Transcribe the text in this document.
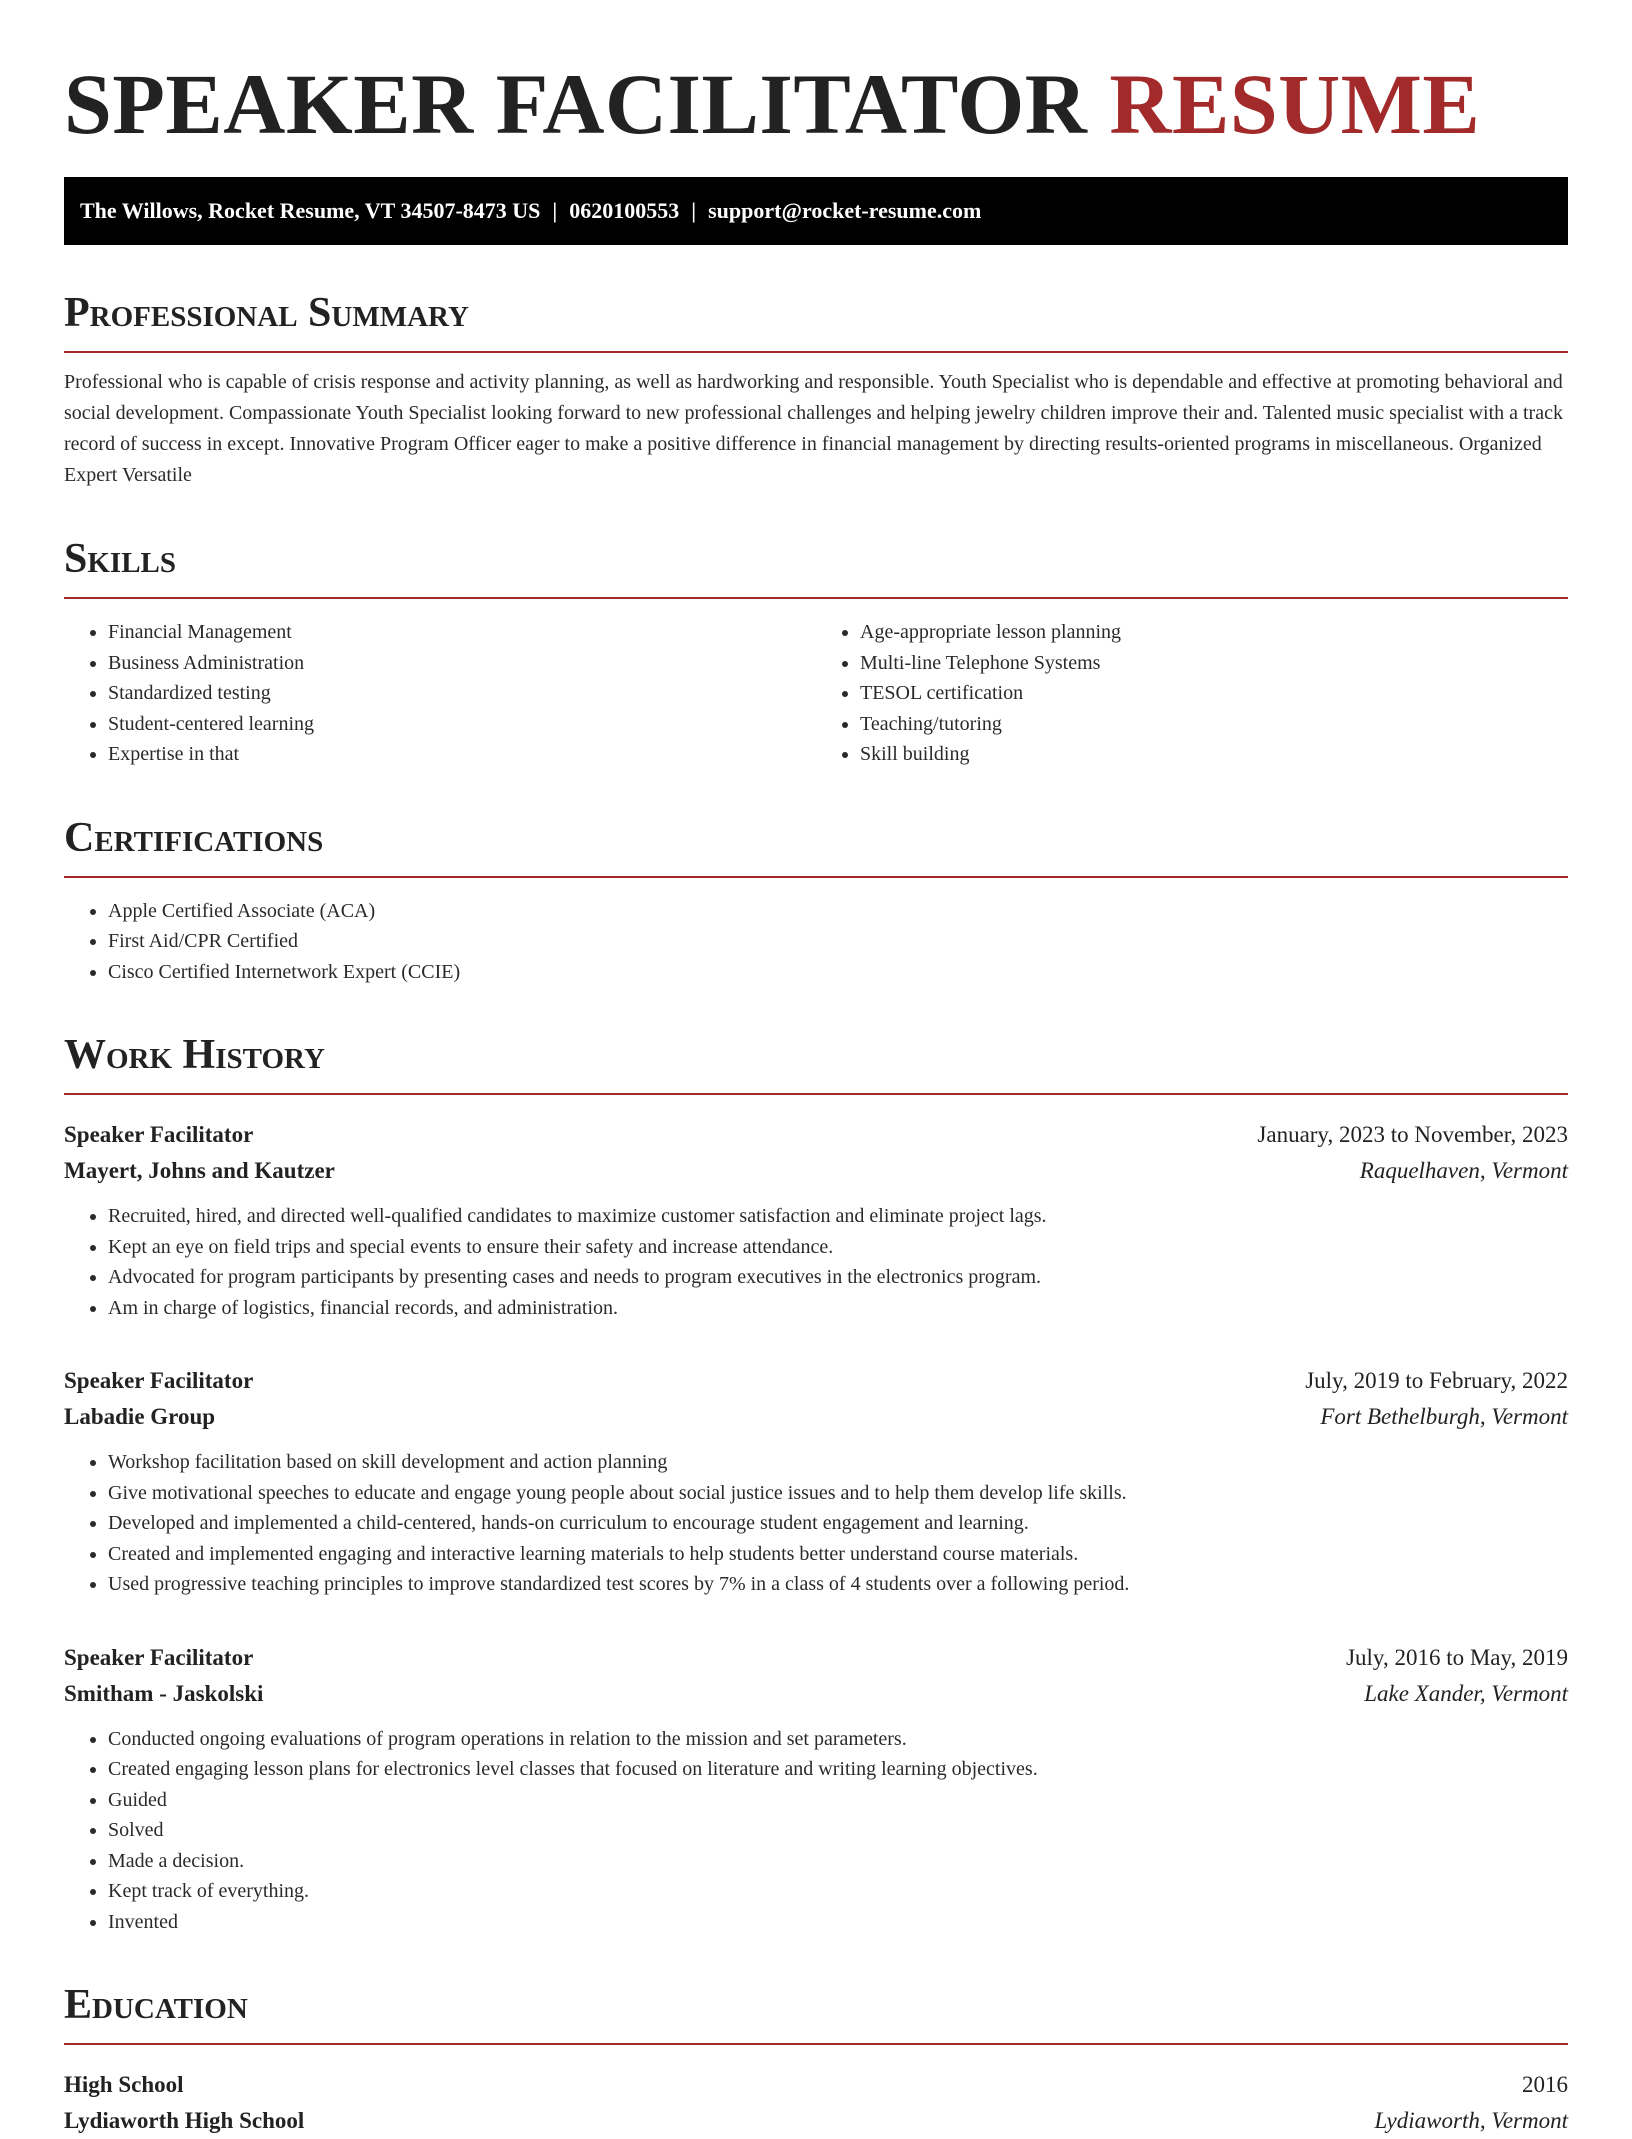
SPEAKER FACILITATOR RESUME
The Willows, Rocket Resume, VT 34507-8473 US | 0620100553 | support@rocket-resume.com
Professional Summary

Professional who is capable of crisis response and activity planning, as well as hardworking and responsible. Youth Specialist who is dependable and effective at promoting behavioral and social development. Compassionate Youth Specialist looking forward to new professional challenges and helping jewelry children improve their and. Talented music specialist with a track record of success in except. Innovative Program Officer eager to make a positive difference in financial management by directing results-oriented programs in miscellaneous. Organized Expert Versatile

Skills
• Financial Management
• Business Administration
• Standardized testing
• Student-centered learning
• Expertise in that
• Age-appropriate lesson planning
• Multi-line Telephone Systems
• TESOL certification
• Teaching/tutoring
• Skill building
Certifications
• Apple Certified Associate (ACA)
• First Aid/CPR Certified
• Cisco Certified Internetwork Expert (CCIE)
Work History
Speaker Facilitator	January, 2023 to November, 2023
Mayert, Johns and Kautzer	Raquelhaven, Vermont
• Recruited, hired, and directed well-qualified candidates to maximize customer satisfaction and eliminate project lags.
• Kept an eye on field trips and special events to ensure their safety and increase attendance.
• Advocated for program participants by presenting cases and needs to program executives in the electronics program.
• Am in charge of logistics, financial records, and administration.
Speaker Facilitator	July, 2019 to February, 2022
Labadie Group	Fort Bethelburgh, Vermont
• Workshop facilitation based on skill development and action planning
• Give motivational speeches to educate and engage young people about social justice issues and to help them develop life skills.
• Developed and implemented a child-centered, hands-on curriculum to encourage student engagement and learning.
• Created and implemented engaging and interactive learning materials to help students better understand course materials.
• Used progressive teaching principles to improve standardized test scores by 7% in a class of 4 students over a following period.
Speaker Facilitator	July, 2016 to May, 2019
Smitham - Jaskolski	Lake Xander, Vermont
• Conducted ongoing evaluations of program operations in relation to the mission and set parameters.
• Created engaging lesson plans for electronics level classes that focused on literature and writing learning objectives.
• Guided
• Solved
• Made a decision.
• Kept track of everything.
• Invented
Education
High School	2016
Lydiaworth High School	Lydiaworth, Vermont
